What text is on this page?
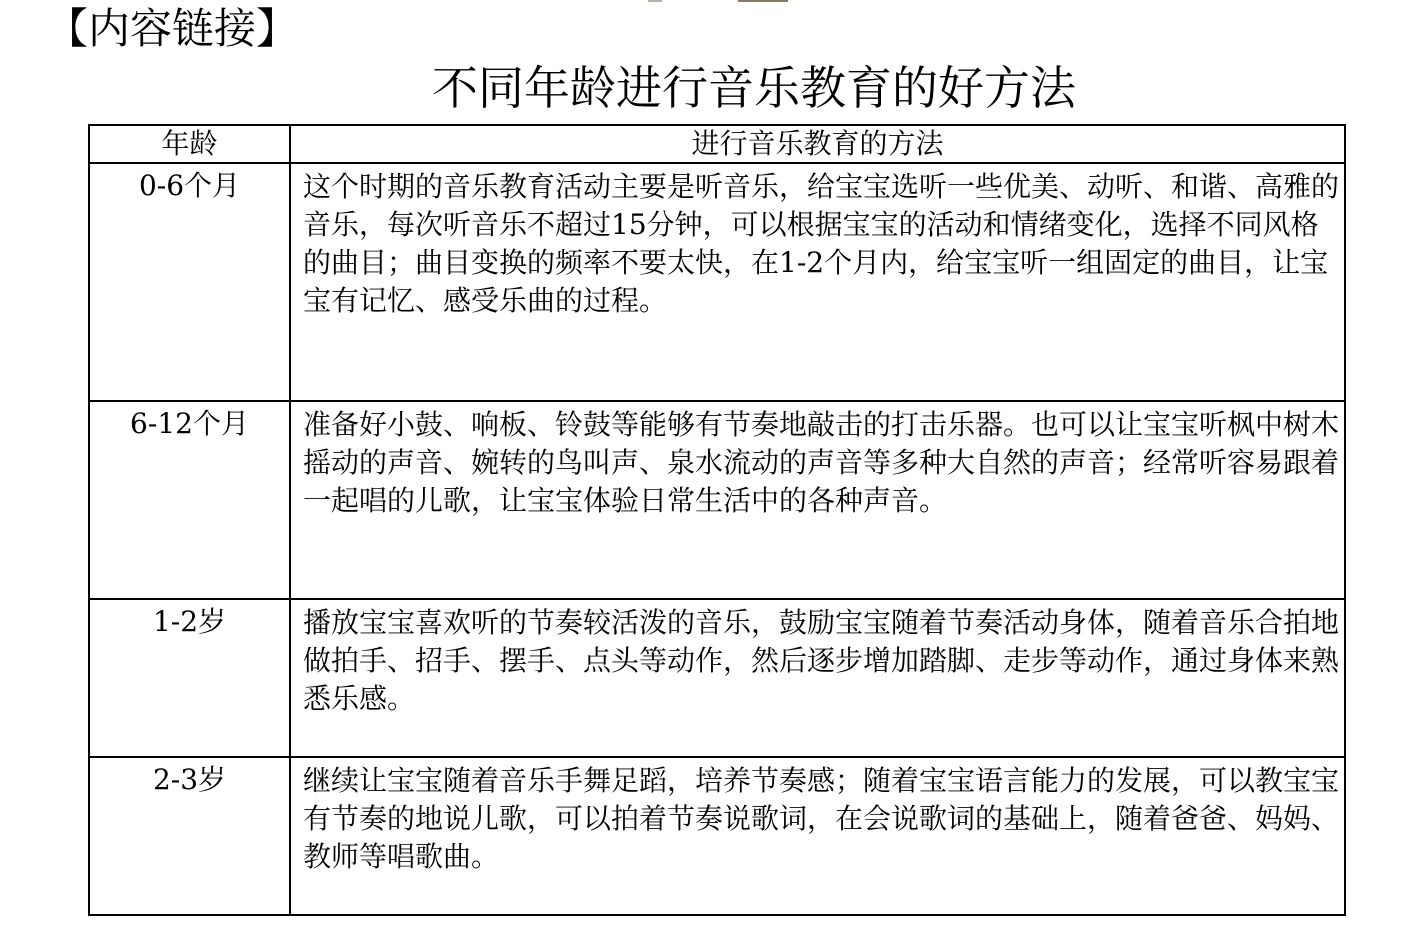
【内容链接】
不同年龄进行音乐教育的好方法
年龄	进行音乐教育的方法
0-6个月	这个时期的音乐教育活动主要是听音乐，给宝宝选听一些优美、动听、和谐、高雅的音乐，每次听音乐不超过15分钟，可以根据宝宝的活动和情绪变化，选择不同风格的曲目；曲目变换的频率不要太快，在1-2个月内，给宝宝听一组固定的曲目，让宝宝有记忆、感受乐曲的过程。
6-12个月	准备好小鼓、响板、铃鼓等能够有节奏地敲击的打击乐器。也可以让宝宝听枫中树木摇动的声音、婉转的鸟叫声、泉水流动的声音等多种大自然的声音；经常听容易跟着一起唱的儿歌，让宝宝体验日常生活中的各种声音。
1-2岁	播放宝宝喜欢听的节奏较活泼的音乐，鼓励宝宝随着节奏活动身体，随着音乐合拍地做拍手、招手、摆手、点头等动作，然后逐步增加踏脚、走步等动作，通过身体来熟悉乐感。
2-3岁	继续让宝宝随着音乐手舞足蹈，培养节奏感；随着宝宝语言能力的发展，可以教宝宝有节奏的地说儿歌，可以拍着节奏说歌词，在会说歌词的基础上，随着爸爸、妈妈、教师等唱歌曲。
